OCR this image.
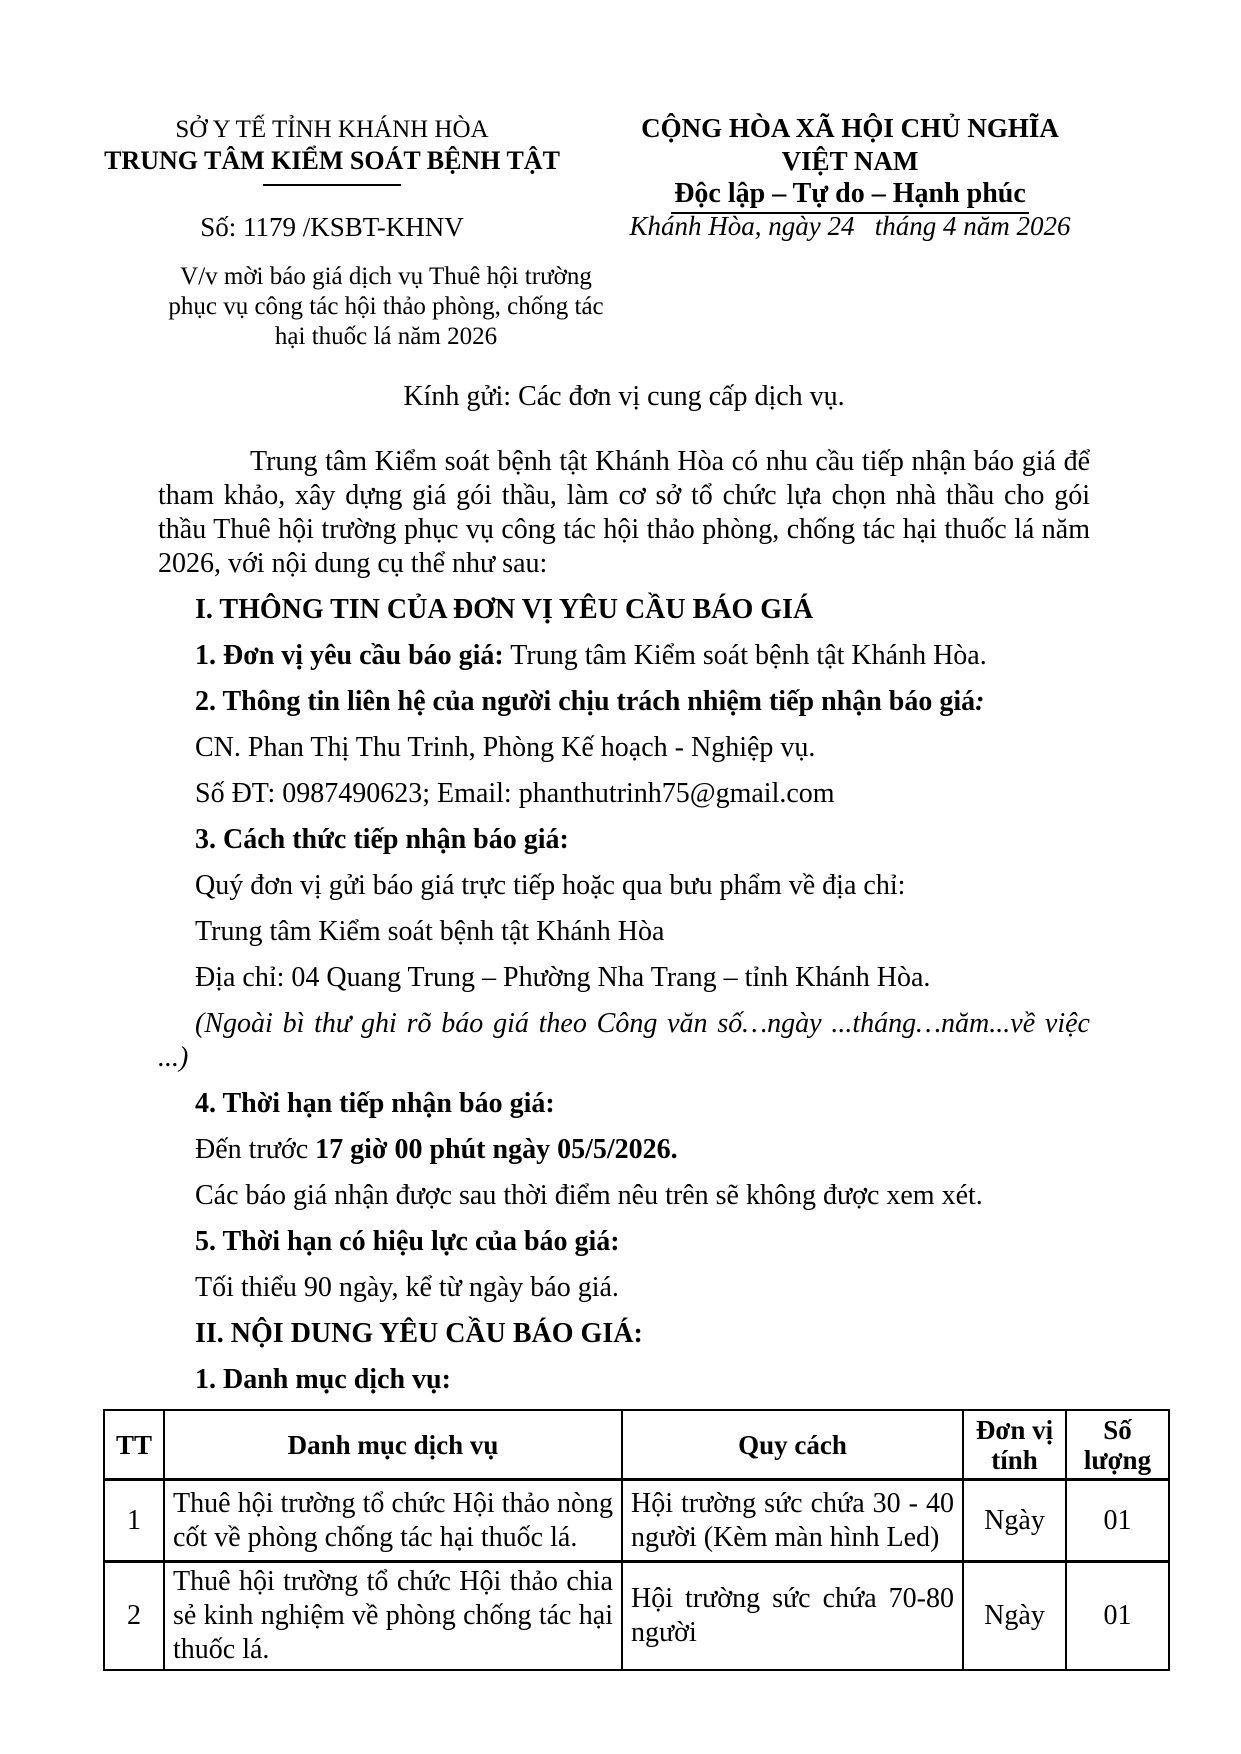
SỞ Y TẾ TỈNH KHÁNH HÒA
TRUNG TÂM KIỂM SOÁT BỆNH TẬT
Số: 1179 /KSBT-KHNV
V/v mời báo giá dịch vụ Thuê hội trường phục vụ công tác hội thảo phòng, chống tác hại thuốc lá năm 2026
CỘNG HÒA XÃ HỘI CHỦ NGHĨA VIỆT NAM
Độc lập – Tự do – Hạnh phúc
Khánh Hòa, ngày 24   tháng 4 năm 2026

Kính gửi: Các đơn vị cung cấp dịch vụ.

Trung tâm Kiểm soát bệnh tật Khánh Hòa có nhu cầu tiếp nhận báo giá để tham khảo, xây dựng giá gói thầu, làm cơ sở tổ chức lựa chọn nhà thầu cho gói thầu Thuê hội trường phục vụ công tác hội thảo phòng, chống tác hại thuốc lá năm 2026, với nội dung cụ thể như sau:

I. THÔNG TIN CỦA ĐƠN VỊ YÊU CẦU BÁO GIÁ

1. Đơn vị yêu cầu báo giá: Trung tâm Kiểm soát bệnh tật Khánh Hòa.

2. Thông tin liên hệ của người chịu trách nhiệm tiếp nhận báo giá:

CN. Phan Thị Thu Trinh, Phòng Kế hoạch - Nghiệp vụ.

Số ĐT: 0987490623; Email: phanthutrinh75@gmail.com

3. Cách thức tiếp nhận báo giá:

Quý đơn vị gửi báo giá trực tiếp hoặc qua bưu phẩm về địa chỉ:

Trung tâm Kiểm soát bệnh tật Khánh Hòa

Địa chỉ: 04 Quang Trung – Phường Nha Trang – tỉnh Khánh Hòa.

(Ngoài bì thư ghi rõ báo giá theo Công văn số…ngày ...tháng…năm...về việc ...)

4. Thời hạn tiếp nhận báo giá:

Đến trước 17 giờ 00 phút ngày 05/5/2026.

Các báo giá nhận được sau thời điểm nêu trên sẽ không được xem xét.

5. Thời hạn có hiệu lực của báo giá:

Tối thiểu 90 ngày, kể từ ngày báo giá.

II. NỘI DUNG YÊU CẦU BÁO GIÁ:

1. Danh mục dịch vụ:

TT	Danh mục dịch vụ	Quy cách	Đơn vị tính	Số lượng
1	Thuê hội trường tổ chức Hội thảo nòng cốt về phòng chống tác hại thuốc lá.	Hội trường sức chứa 30 - 40 người (Kèm màn hình Led)	Ngày	01
2	Thuê hội trường tổ chức Hội thảo chia sẻ kinh nghiệm về phòng chống tác hại thuốc lá.	Hội trường sức chứa 70-80 người	Ngày	01
